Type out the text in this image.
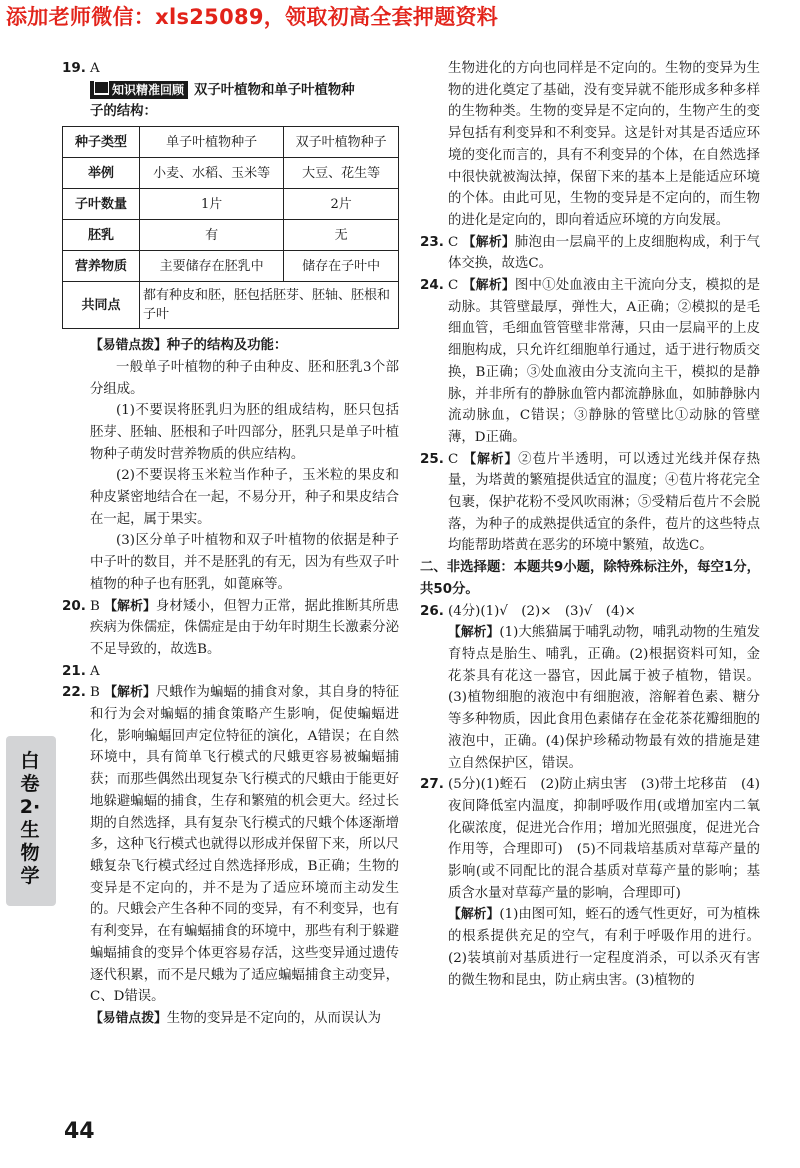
添加老师微信：xls25089，领取初高全套押题资料
19. A

知识精准回顾 双子叶植物和单子叶植物种

子的结构：

种子类型	单子叶植物种子	双子叶植物种子
举例	小麦、水稻、玉米等	大豆、花生等
子叶数量	1片	2片
胚乳	有	无
营养物质	主要储存在胚乳中	储存在子叶中
共同点	都有种皮和胚，胚包括胚芽、胚轴、胚根和子叶	

【易错点拨】种子的结构及功能：

一般单子叶植物的种子由种皮、胚和胚乳3个部分组成。

(1)不要误将胚乳归为胚的组成结构，胚只包括胚芽、胚轴、胚根和子叶四部分，胚乳只是单子叶植物种子萌发时营养物质的供应结构。

(2)不要误将玉米粒当作种子，玉米粒的果皮和种皮紧密地结合在一起，不易分开，种子和果皮结合在一起，属于果实。

(3)区分单子叶植物和双子叶植物的依据是种子中子叶的数目，并不是胚乳的有无，因为有些双子叶植物的种子也有胚乳，如蓖麻等。

20. B 【解析】身材矮小，但智力正常，据此推断其所患疾病为侏儒症，侏儒症是由于幼年时期生长激素分泌不足导致的，故选B。

21. A
22. B 【解析】尺蛾作为蝙蝠的捕食对象，其自身的特征和行为会对蝙蝠的捕食策略产生影响，促使蝙蝠进化，影响蝙蝠回声定位特征的演化，A错误；在自然环境中，具有简单飞行模式的尺蛾更容易被蝙蝠捕获；而那些偶然出现复杂飞行模式的尺蛾由于能更好地躲避蝙蝠的捕食，生存和繁殖的机会更大。经过长期的自然选择，具有复杂飞行模式的尺蛾个体逐渐增多，这种飞行模式也就得以形成并保留下来，所以尺蛾复杂飞行模式经过自然选择形成，B正确；生物的变异是不定向的，并不是为了适应环境而主动发生的。尺蛾会产生各种不同的变异，有不利变异，也有有利变异，在有蝙蝠捕食的环境中，那些有利于躲避蝙蝠捕食的变异个体更容易存活，这些变异通过遗传逐代积累，而不是尺蛾为了适应蝙蝠捕食主动变异，C、D错误。

【易错点拨】生物的变异是不定向的，从而误认为

生物进化的方向也同样是不定向的。生物的变异为生物的进化奠定了基础，没有变异就不能形成多种多样的生物种类。生物的变异是不定向的，生物产生的变异包括有利变异和不利变异。这是针对其是否适应环境的变化而言的，具有不利变异的个体，在自然选择中很快就被淘汰掉，保留下来的基本上是能适应环境的个体。由此可见，生物的变异是不定向的，而生物的进化是定向的，即向着适应环境的方向发展。

23. C 【解析】肺泡由一层扁平的上皮细胞构成，利于气体交换，故选C。

24. C 【解析】图中①处血液由主干流向分支，模拟的是动脉。其管壁最厚，弹性大，A正确；②模拟的是毛细血管，毛细血管管壁非常薄，只由一层扁平的上皮细胞构成，只允许红细胞单行通过，适于进行物质交换，B正确；③处血液由分支流向主干，模拟的是静脉，并非所有的静脉血管内都流静脉血，如肺静脉内流动脉血，C错误；③静脉的管壁比①动脉的管壁薄，D正确。

25. C 【解析】②苞片半透明，可以透过光线并保存热量，为塔黄的繁殖提供适宜的温度；④苞片将花完全包裹，保护花粉不受风吹雨淋；⑤受精后苞片不会脱落，为种子的成熟提供适宜的条件，苞片的这些特点均能帮助塔黄在恶劣的环境中繁殖，故选C。

二、非选择题：本题共9小题，除特殊标注外，每空1分，共50分。

26. (4分)(1)√　(2)×　(3)√　(4)×

【解析】(1)大熊猫属于哺乳动物，哺乳动物的生殖发育特点是胎生、哺乳，正确。(2)根据资料可知，金花茶具有花这一器官，因此属于被子植物，错误。(3)植物细胞的液泡中有细胞液，溶解着色素、糖分等多种物质，因此食用色素储存在金花茶花瓣细胞的液泡中，正确。(4)保护珍稀动物最有效的措施是建立自然保护区，错误。

27. (5分)(1)蛭石　(2)防止病虫害　(3)带土坨移苗　(4)夜间降低室内温度，抑制呼吸作用(或增加室内二氧化碳浓度，促进光合作用；增加光照强度，促进光合作用等，合理即可)　(5)不同栽培基质对草莓产量的影响(或不同配比的混合基质对草莓产量的影响；基质含水量对草莓产量的影响，合理即可)

【解析】(1)由图可知，蛭石的透气性更好，可为植株的根系提供充足的空气，有利于呼吸作用的进行。(2)装填前对基质进行一定程度消杀，可以杀灭有害的微生物和昆虫，防止病虫害。(3)植物的

白卷2·生物学
44
